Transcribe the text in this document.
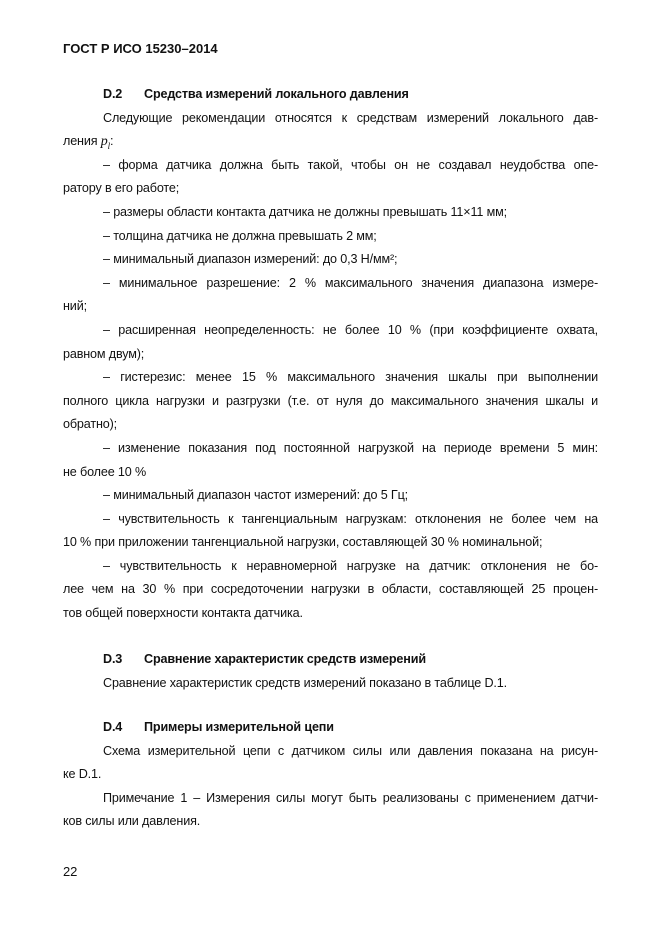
ГОСТ Р ИСО 15230–2014
D.2 Средства измерений локального давления
Следующие рекомендации относятся к средствам измерений локального дав-
ления $p_l$:
– форма датчика должна быть такой, чтобы он не создавал неудобства опе-
ратору в его работе;
– размеры области контакта датчика не должны превышать 11×11 мм;
– толщина датчика не должна превышать 2 мм;
– минимальный диапазон измерений: до 0,3 Н/мм²;
– минимальное разрешение: 2 % максимального значения диапазона измере-
ний;
– расширенная неопределенность: не более 10 % (при коэффициенте охвата,
равном двум);
– гистерезис: менее 15 % максимального значения шкалы при выполнении
полного цикла нагрузки и разгрузки (т.е. от нуля до максимального значения шкалы и
обратно);
– изменение показания под постоянной нагрузкой на периоде времени 5 мин:
не более 10 %
– минимальный диапазон частот измерений: до 5 Гц;
– чувствительность к тангенциальным нагрузкам: отклонения не более чем на
10 % при приложении тангенциальной нагрузки, составляющей 30 % номинальной;
– чувствительность к неравномерной нагрузке на датчик: отклонения не бо-
лее чем на 30 % при сосредоточении нагрузки в области, составляющей 25 процен-
тов общей поверхности контакта датчика.
D.3 Сравнение характеристик средств измерений
Сравнение характеристик средств измерений показано в таблице D.1.
D.4 Примеры измерительной цепи
Схема измерительной цепи с датчиком силы или давления показана на рисун-
ке D.1.
Примечание 1 – Измерения силы могут быть реализованы с применением датчи-
ков силы или давления.
22
